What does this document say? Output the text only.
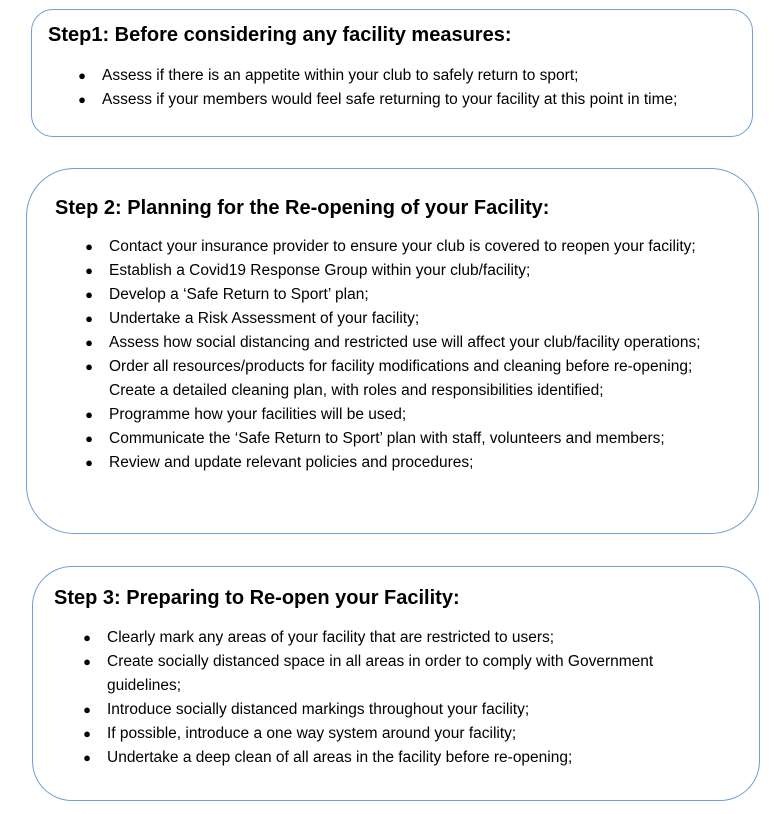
Step1: Before considering any facility measures:
● Assess if there is an appetite within your club to safely return to sport;
● Assess if your members would feel safe returning to your facility at this point in time;
Step 2: Planning for the Re-opening of your Facility:
● Contact your insurance provider to ensure your club is covered to reopen your facility;
● Establish a Covid19 Response Group within your club/facility;
● Develop a ‘Safe Return to Sport’ plan;
● Undertake a Risk Assessment of your facility;
● Assess how social distancing and restricted use will affect your club/facility operations;
● Order all resources/products for facility modifications and cleaning before re-opening; Create a detailed cleaning plan, with roles and responsibilities identified;
● Programme how your facilities will be used;
● Communicate the ‘Safe Return to Sport’ plan with staff, volunteers and members;
● Review and update relevant policies and procedures;
Step 3: Preparing to Re-open your Facility:
● Clearly mark any areas of your facility that are restricted to users;
● Create socially distanced space in all areas in order to comply with Government guidelines;
● Introduce socially distanced markings throughout your facility;
● If possible, introduce a one way system around your facility;
● Undertake a deep clean of all areas in the facility before re-opening;
